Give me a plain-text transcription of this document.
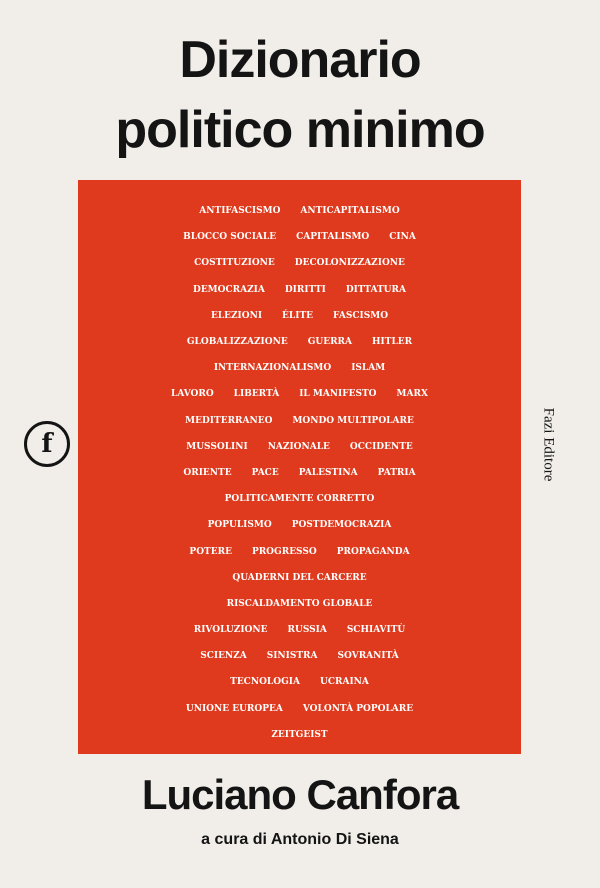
Dizionario
politico minimo
ANTIFASCISMO ANTICAPITALISMO
BLOCCO SOCIALE CAPITALISMO CINA
COSTITUZIONE DECOLONIZZAZIONE
DEMOCRAZIA DIRITTI DITTATURA
ELEZIONI ÉLITE FASCISMO
GLOBALIZZAZIONE GUERRA HITLER
INTERNAZIONALISMO ISLAM
LAVORO LIBERTÀ IL MANIFESTO MARX
MEDITERRANEO MONDO MULTIPOLARE
MUSSOLINI NAZIONALE OCCIDENTE
ORIENTE PACE PALESTINA PATRIA
POLITICAMENTE CORRETTO
POPULISMO POSTDEMOCRAZIA
POTERE PROGRESSO PROPAGANDA
QUADERNI DEL CARCERE
RISCALDAMENTO GLOBALE
RIVOLUZIONE RUSSIA SCHIAVITÙ
SCIENZA SINISTRA SOVRANITÀ
TECNOLOGIA UCRAINA
UNIONE EUROPEA VOLONTÀ POPOLARE
ZEITGEIST
f	Fazi Editore
Luciano Canfora
a cura di Antonio Di Siena
